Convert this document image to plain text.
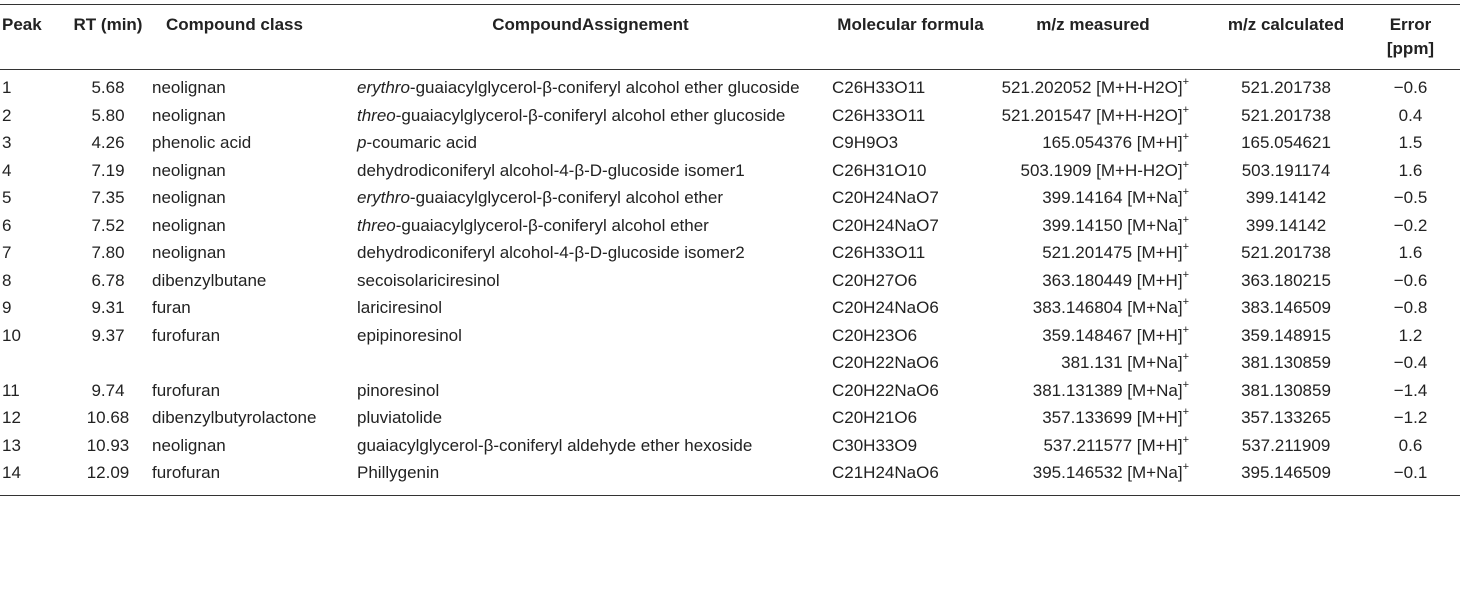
Peak	RT (min)	Compound class	CompoundAssignement	Molecular formula	m/z measured	m/z calculated	Error [ppm]
1	5.68	neolignan	erythro-guaiacylglycerol-β-coniferyl alcohol ether glucoside	C26H33O11	521.202052 [M+H-H2O]+	521.201738	−0.6
2	5.80	neolignan	threo-guaiacylglycerol-β-coniferyl alcohol ether glucoside	C26H33O11	521.201547 [M+H-H2O]+	521.201738	0.4
3	4.26	phenolic acid	p-coumaric acid	C9H9O3	165.054376 [M+H]+	165.054621	1.5
4	7.19	neolignan	dehydrodiconiferyl alcohol-4-β-D-glucoside isomer1	C26H31O10	503.1909 [M+H-H2O]+	503.191174	1.6
5	7.35	neolignan	erythro-guaiacylglycerol-β-coniferyl alcohol ether	C20H24NaO7	399.14164 [M+Na]+	399.14142	−0.5
6	7.52	neolignan	threo-guaiacylglycerol-β-coniferyl alcohol ether	C20H24NaO7	399.14150 [M+Na]+	399.14142	−0.2
7	7.80	neolignan	dehydrodiconiferyl alcohol-4-β-D-glucoside isomer2	C26H33O11	521.201475 [M+H]+	521.201738	1.6
8	6.78	dibenzylbutane	secoisolariciresinol	C20H27O6	363.180449 [M+H]+	363.180215	−0.6
9	9.31	furan	lariciresinol	C20H24NaO6	383.146804 [M+Na]+	383.146509	−0.8
10	9.37	furofuran	epipinoresinol	C20H23O6	359.148467 [M+H]+	359.148915	1.2
				C20H22NaO6	381.131 [M+Na]+	381.130859	−0.4
11	9.74	furofuran	pinoresinol	C20H22NaO6	381.131389 [M+Na]+	381.130859	−1.4
12	10.68	dibenzylbutyrolactone	pluviatolide	C20H21O6	357.133699 [M+H]+	357.133265	−1.2
13	10.93	neolignan	guaiacylglycerol-β-coniferyl aldehyde ether hexoside	C30H33O9	537.211577 [M+H]+	537.211909	0.6
14	12.09	furofuran	Phillygenin	C21H24NaO6	395.146532 [M+Na]+	395.146509	−0.1
